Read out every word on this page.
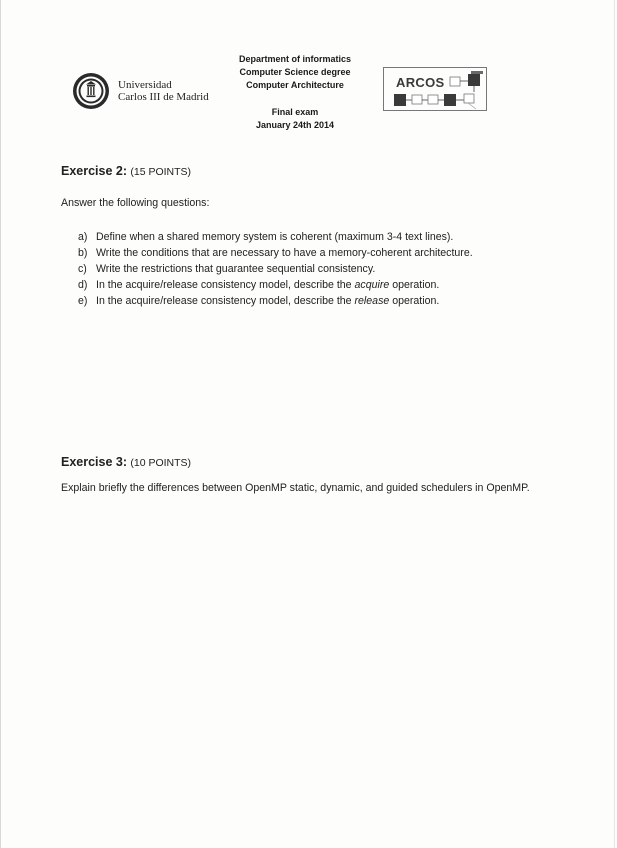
Universidad
Carlos III de Madrid
Department of informatics
Computer Science degree
Computer Architecture
Final exam
January 24th 2014
ARCOS
Exercise 2: (15 POINTS)
Answer the following questions:
a) Define when a shared memory system is coherent (maximum 3-4 text lines).
b) Write the conditions that are necessary to have a memory-coherent architecture.
c) Write the restrictions that guarantee sequential consistency.
d) In the acquire/release consistency model, describe the acquire operation.
e) In the acquire/release consistency model, describe the release operation.
Exercise 3: (10 POINTS)
Explain briefly the differences between OpenMP static, dynamic, and guided schedulers in OpenMP.
